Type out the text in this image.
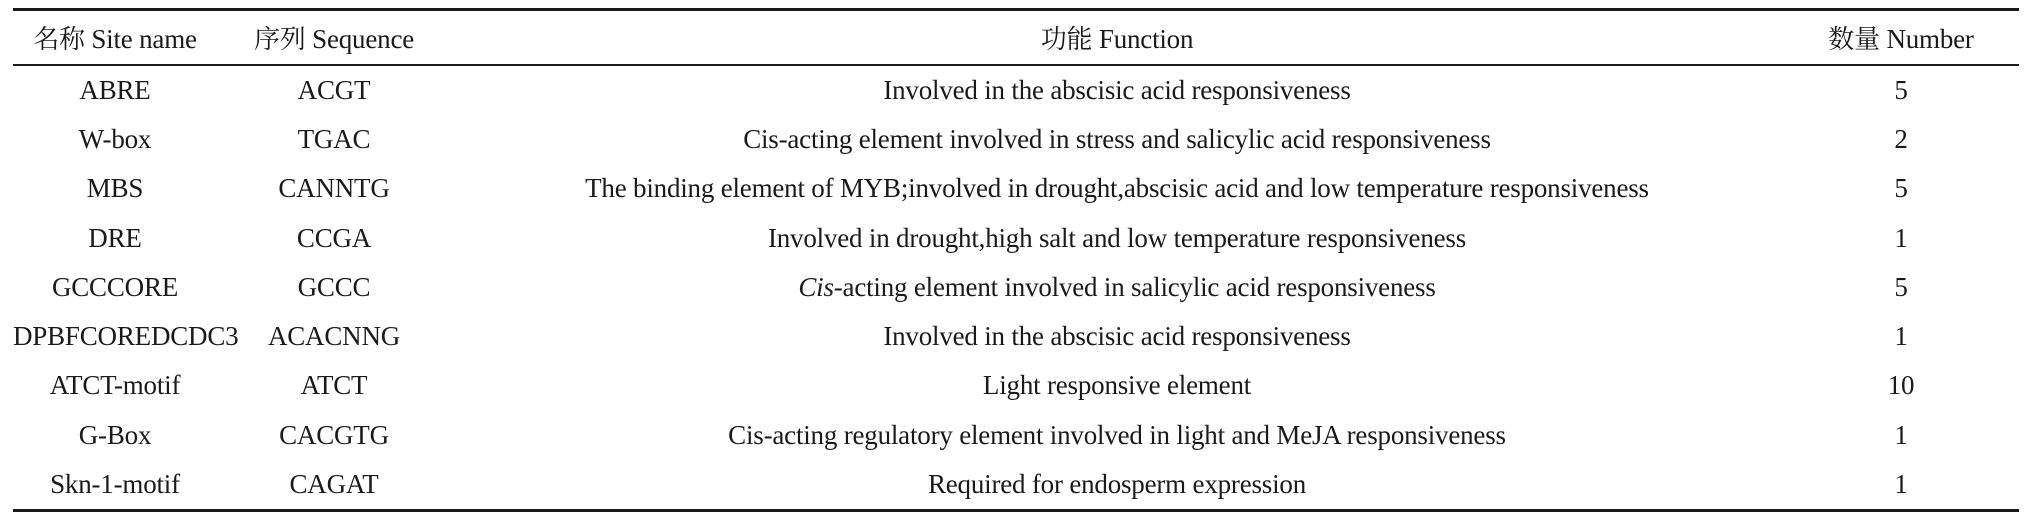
名称 Site name	序列 Sequence	功能 Function	数量 Number
ABRE	ACGT	Involved in the abscisic acid responsiveness	5
W-box	TGAC	Cis-acting element involved in stress and salicylic acid responsiveness	2
MBS	CANNTG	The binding element of MYB;involved in drought,abscisic acid and low temperature responsiveness	5
DRE	CCGA	Involved in drought,high salt and low temperature responsiveness	1
GCCCORE	GCCC	Cis-acting element involved in salicylic acid responsiveness	5
DPBFCOREDCDC3	ACACNNG	Involved in the abscisic acid responsiveness	1
ATCT-motif	ATCT	Light responsive element	10
G-Box	CACGTG	Cis-acting regulatory element involved in light and MeJA responsiveness	1
Skn-1-motif	CAGAT	Required for endosperm expression	1
